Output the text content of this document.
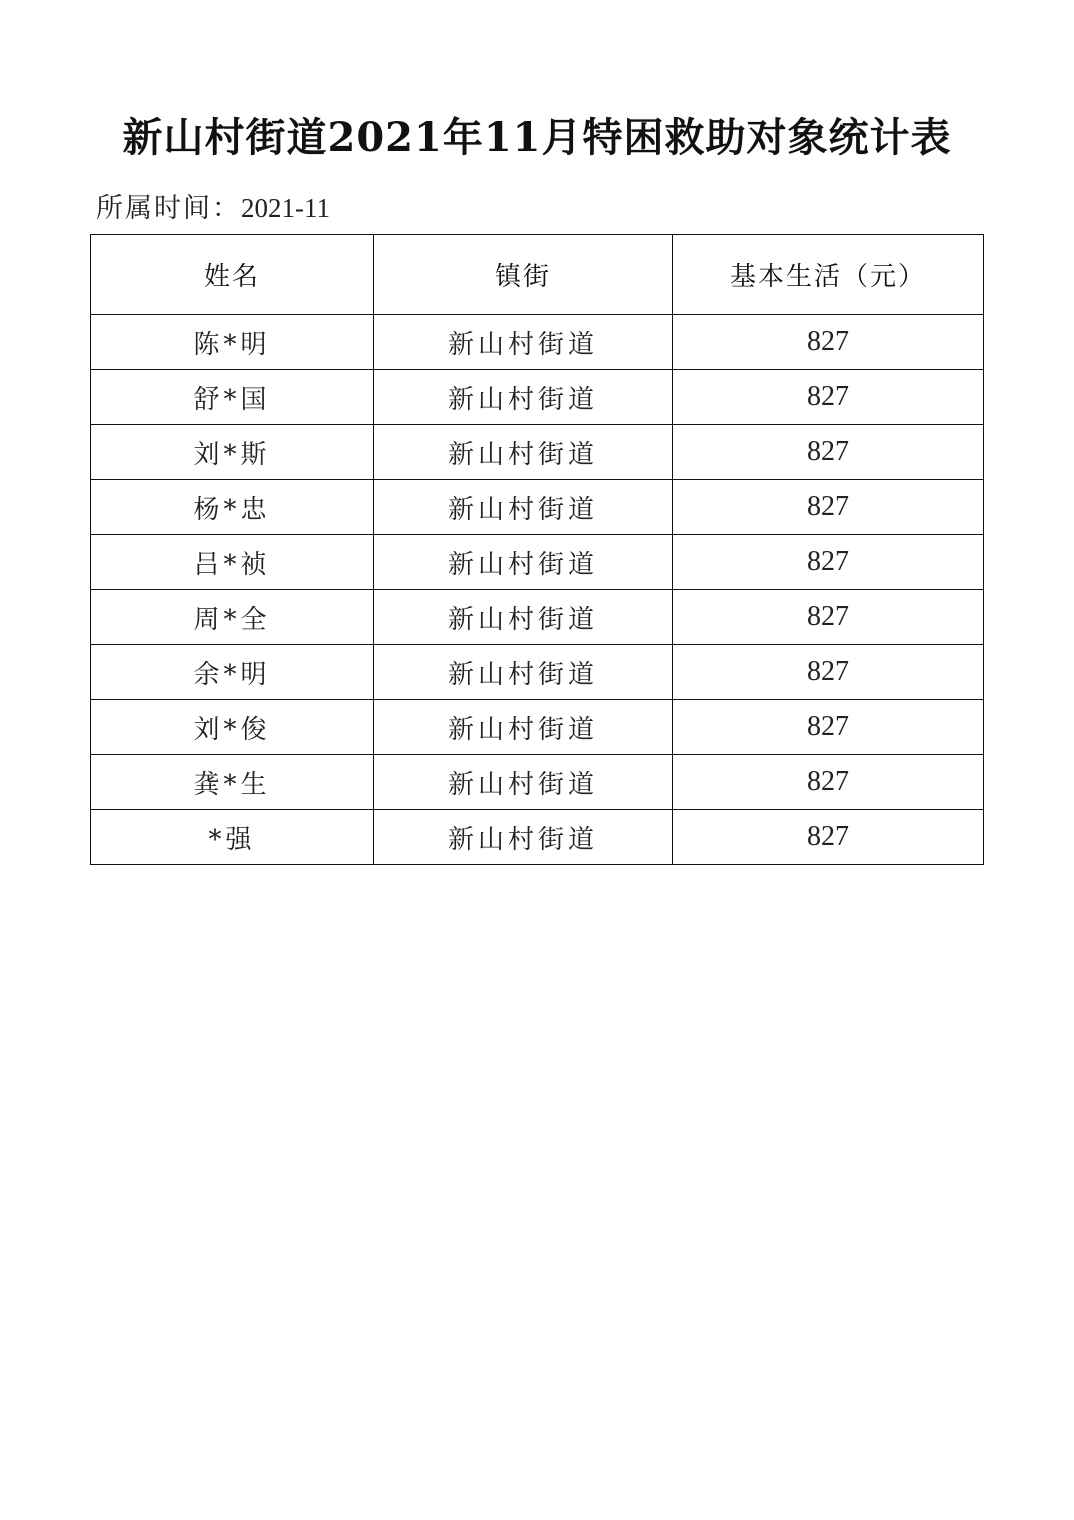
新山村街道2021年11月特困救助对象统计表
所属时间：2021-11
姓名	镇街	基本生活（元）
陈*明	新山村街道	827
舒*国	新山村街道	827
刘*斯	新山村街道	827
杨*忠	新山村街道	827
吕*祯	新山村街道	827
周*全	新山村街道	827
余*明	新山村街道	827
刘*俊	新山村街道	827
龚*生	新山村街道	827
*强	新山村街道	827
